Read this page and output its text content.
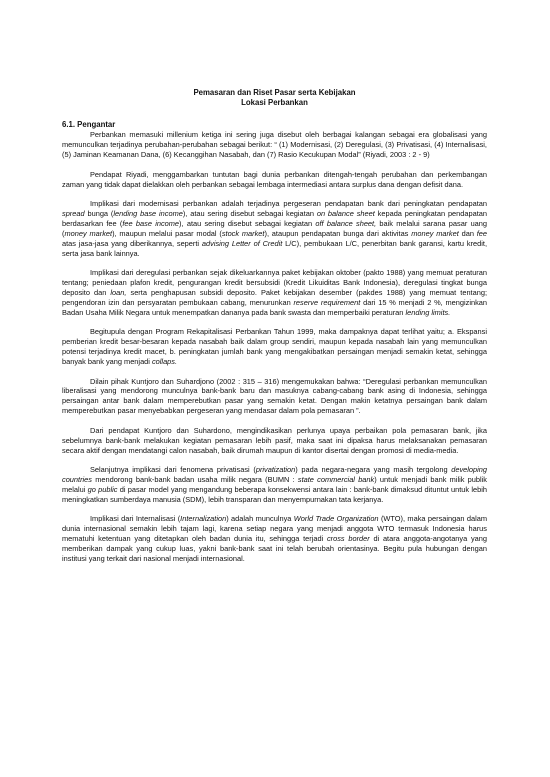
Pemasaran dan Riset Pasar serta Kebijakan
Lokasi Perbankan
6.1. Pengantar

Perbankan memasuki millenium ketiga ini sering juga disebut oleh berbagai kalangan sebagai era globalisasi yang memunculkan terjadinya perubahan-perubahan sebagai berikut: “ (1) Modernisasi, (2) Deregulasi, (3) Privatisasi, (4) Internalisasi, (5) Jaminan Keamanan Dana, (6) Kecanggihan Nasabah, dan (7) Rasio Kecukupan Modal” (Riyadi, 2003 : 2 - 9)

Pendapat Riyadi, menggambarkan tuntutan bagi dunia perbankan ditengah-tengah perubahan dan perkembangan zaman yang tidak dapat dielakkan oleh perbankan sebagai lembaga intermediasi antara surplus dana dengan defisit dana.

Implikasi dari modernisasi perbankan adalah terjadinya pergeseran pendapatan bank dari peningkatan pendapatan spread bunga (lending base income), atau sering disebut sebagai kegiatan on balance sheet kepada peningkatan pendapatan berdasarkan fee (fee base income), atau sering disebut sebagai kegiatan off balance sheet, baik melalui sarana pasar uang (money market), maupun melalui pasar modal (stock market), ataupun pendapatan bunga dari aktivitas money market dan fee atas jasa-jasa yang diberikannya, seperti advising Letter of Credit L/C), pembukaan L/C, penerbitan bank garansi, kartu kredit, serta jasa bank lainnya.

Implikasi dari deregulasi perbankan sejak dikeluarkannya paket kebijakan oktober (pakto 1988) yang memuat peraturan tentang; peniedaan plafon kredit, pengurangan kredit bersubsidi (Kredit Likuiditas Bank Indonesia), deregulasi tingkat bunga deposito dan loan, serta penghapusan subsidi deposito. Paket kebijakan desember (pakdes 1988) yang memuat tentang; pengendoran izin dan persyaratan pembukaan cabang, menurunkan reserve requirement dari 15 % menjadi 2 %, mengizinkan Badan Usaha Milik Negara untuk menempatkan dananya pada bank swasta dan memperbaiki peraturan lending limits.

Begitupula dengan Program Rekapitalisasi Perbankan Tahun 1999, maka dampaknya dapat terlihat yaitu; a. Ekspansi pemberian kredit besar-besaran kepada nasabah baik dalam group sendiri, maupun kepada nasabah lain yang memunculkan potensi terjadinya kredit macet, b. peningkatan jumlah bank yang mengakibatkan persaingan menjadi semakin ketat, sehingga banyak bank yang menjadi collaps.

Dilain pihak Kuntjoro dan Suhardjono (2002 : 315 – 316) mengemukakan bahwa: “Deregulasi perbankan memunculkan liberalisasi yang mendorong munculnya bank-bank baru dan masuknya cabang-cabang bank asing di Indonesia, sehingga persaingan antar bank dalam memperebutkan pasar yang semakin ketat. Dengan makin ketatnya persaingan bank dalam memperebutkan pasar menyebabkan pergeseran yang mendasar dalam pola pemasaran ”.

Dari pendapat Kuntjoro dan Suhardono, mengindikasikan perlunya upaya perbaikan pola pemasaran bank, jika sebelumnya bank-bank melakukan kegiatan pemasaran lebih pasif, maka saat ini dipaksa harus melaksanakan pemasaran secara aktif dengan mendatangi calon nasabah, baik dirumah maupun di kantor disertai dengan promosi di media-media.

Selanjutnya implikasi dari fenomena privatisasi (privatization) pada negara-negara yang masih tergolong developing countries mendorong bank-bank badan usaha milik negara (BUMN : state commercial bank) untuk menjadi bank milik publik melalui go public di pasar model yang mengandung beberapa konsekwensi antara lain : bank-bank dimaksud dituntut untuk lebih meningkatkan sumberdaya manusia (SDM), lebih transparan dan menyempurnakan tata kerjanya.

Implikasi dari Internalisasi (Internalization) adalah munculnya World Trade Organization (WTO), maka persaingan dalam dunia internasional semakin lebih tajam lagi, karena setiap negara yang menjadi anggota WTO termasuk Indonesia harus mematuhi ketentuan yang ditetapkan oleh badan dunia itu, sehingga terjadi cross border di atara anggota-angotanya yang memberikan dampak yang cukup luas, yakni bank-bank saat ini telah berubah orientasinya. Begitu pula hubungan dengan institusi yang terkait dari nasional menjadi internasional.
